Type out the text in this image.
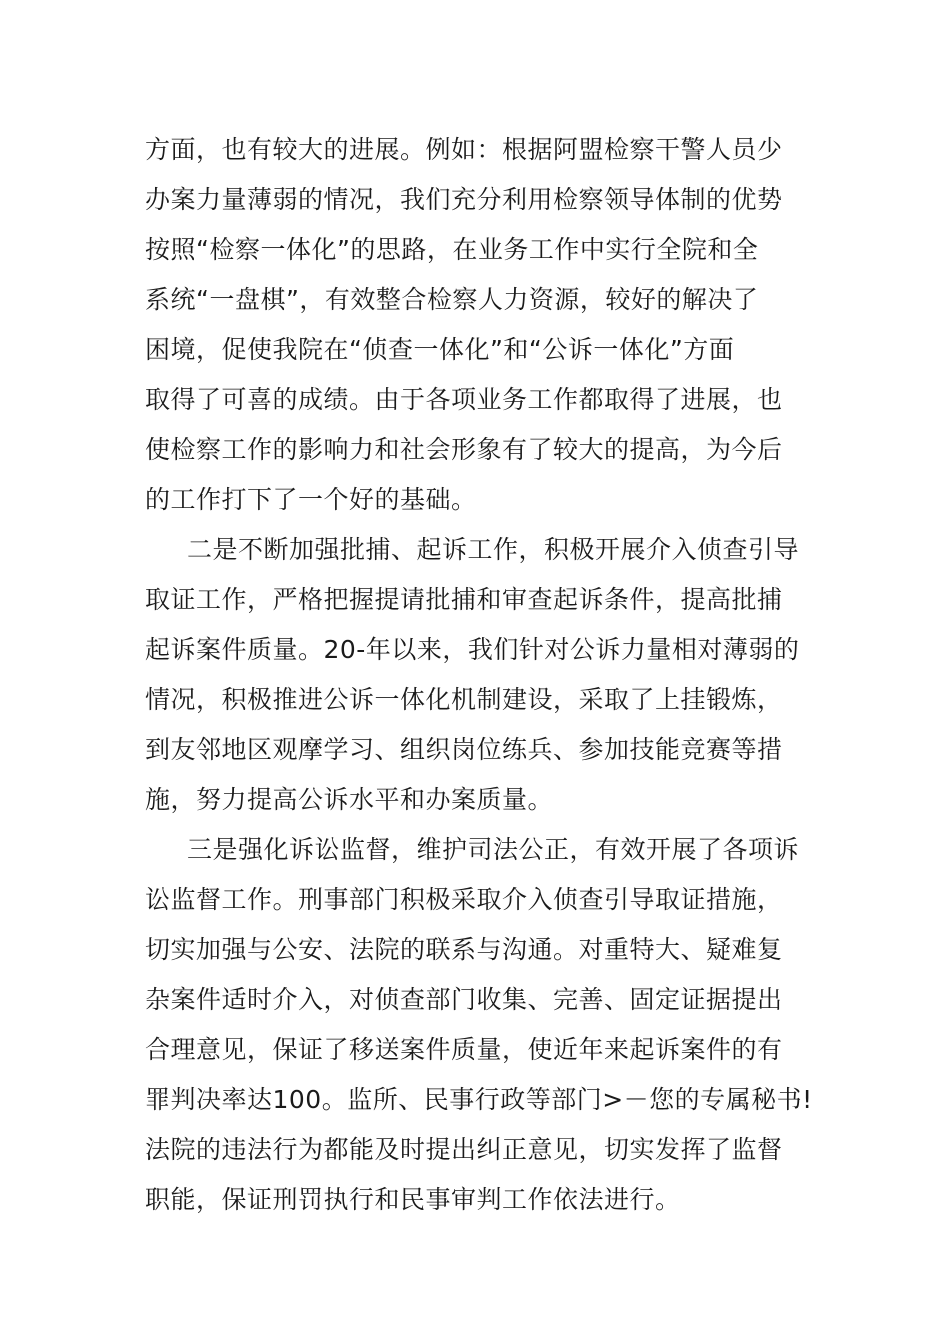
方面，也有较大的进展。例如：根据阿盟检察干警人员少
办案力量薄弱的情况，我们充分利用检察领导体制的优势
按照“检察一体化”的思路，在业务工作中实行全院和全
系统“一盘棋”，有效整合检察人力资源，较好的解决了
困境，促使我院在“侦查一体化”和“公诉一体化”方面
取得了可喜的成绩。由于各项业务工作都取得了进展，也
使检察工作的影响力和社会形象有了较大的提高，为今后
的工作打下了一个好的基础。
二是不断加强批捕、起诉工作，积极开展介入侦查引导
取证工作，严格把握提请批捕和审查起诉条件，提高批捕
起诉案件质量。20-年以来，我们针对公诉力量相对薄弱的
情况，积极推进公诉一体化机制建设，采取了上挂锻炼，
到友邻地区观摩学习、组织岗位练兵、参加技能竞赛等措
施，努力提高公诉水平和办案质量。
三是强化诉讼监督，维护司法公正，有效开展了各项诉
讼监督工作。刑事部门积极采取介入侦查引导取证措施，
切实加强与公安、法院的联系与沟通。对重特大、疑难复
杂案件适时介入，对侦查部门收集、完善、固定证据提出
合理意见，保证了移送案件质量，使近年来起诉案件的有
罪判决率达100。监所、民事行政等部门>－您的专属秘书!
法院的违法行为都能及时提出纠正意见，切实发挥了监督
职能，保证刑罚执行和民事审判工作依法进行。
